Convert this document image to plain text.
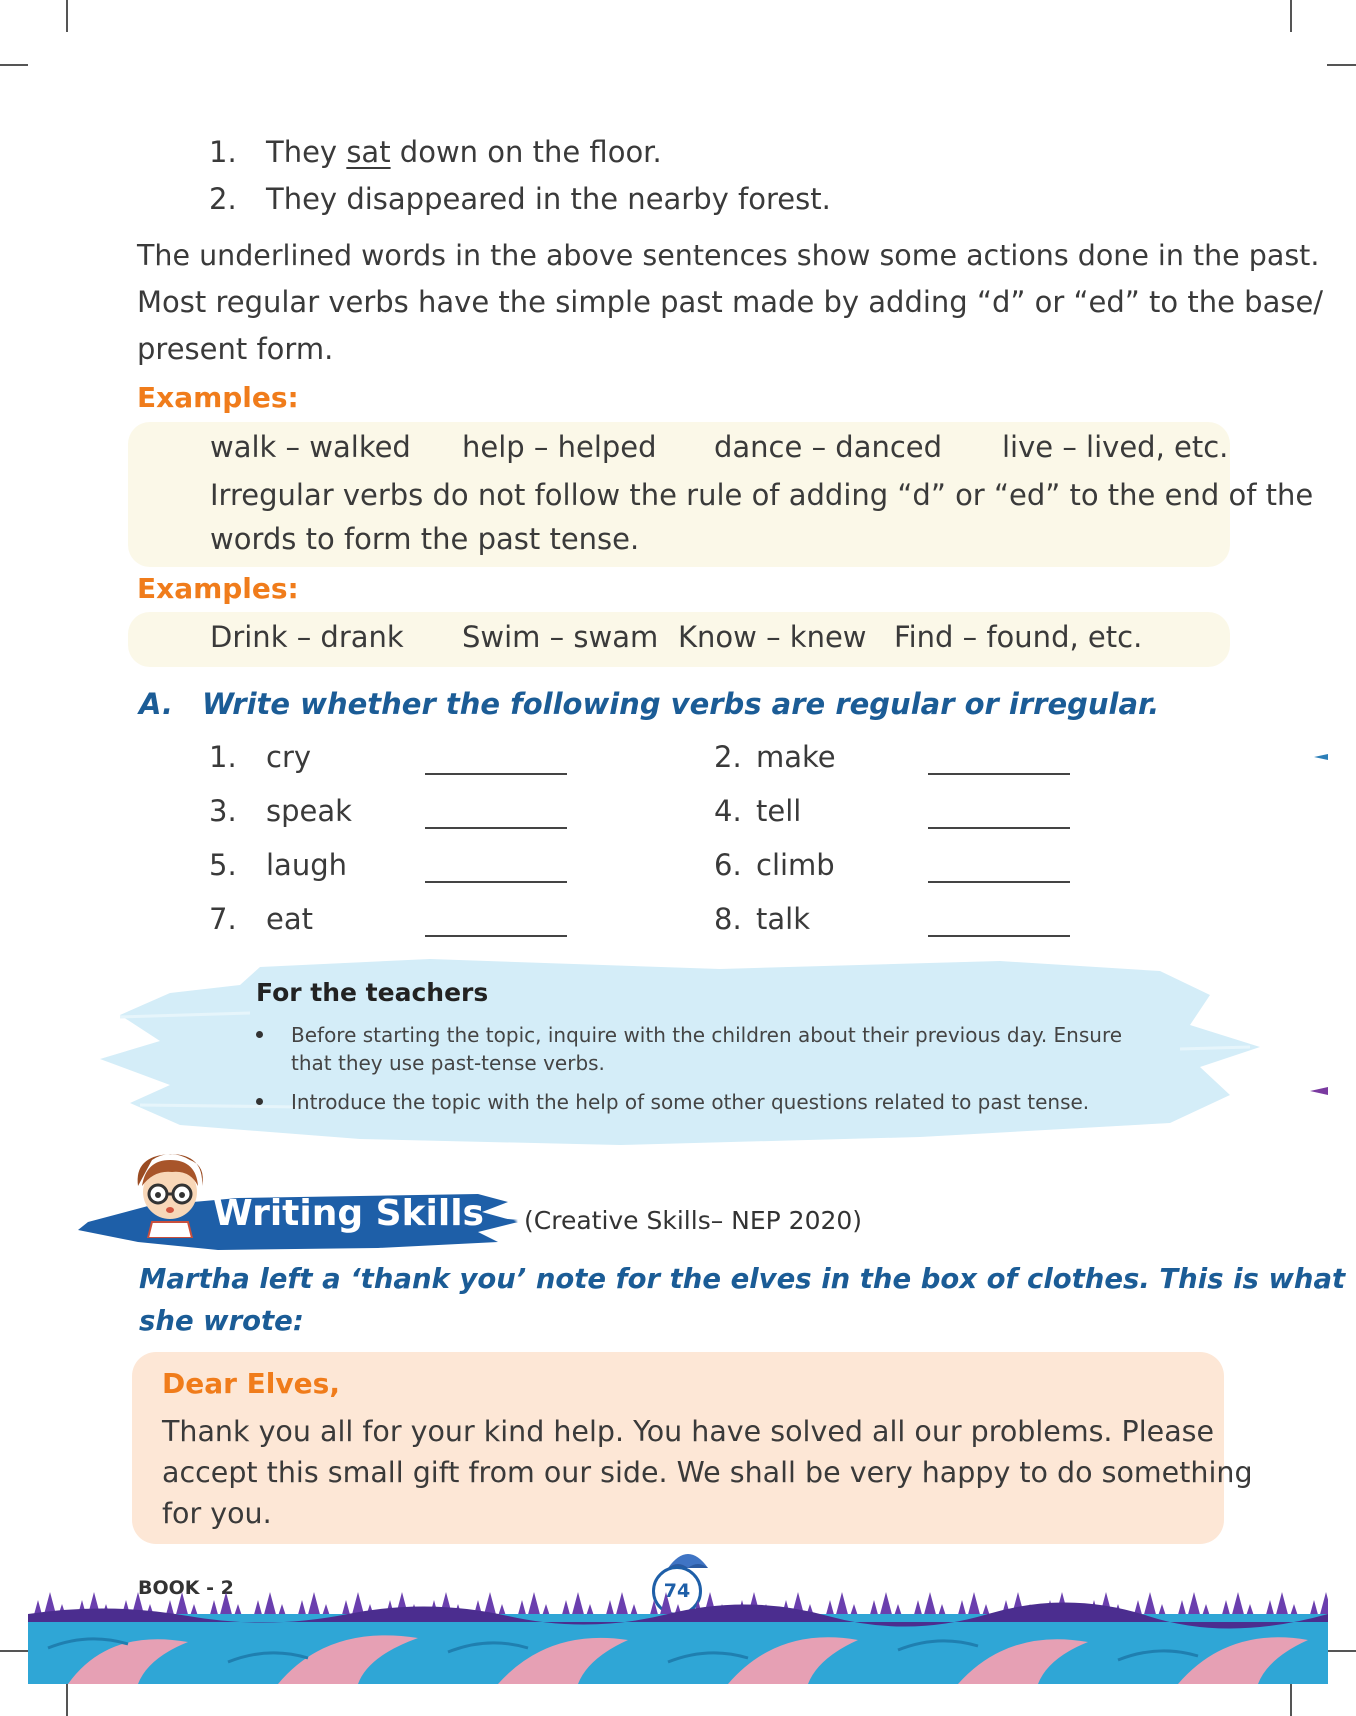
1. They sat down on the floor.
2. They disappeared in the nearby forest.
The underlined words in the above sentences show some actions done in the past.
Most regular verbs have the simple past made by adding “d” or “ed” to the base/
present form.
Examples:
walk – walked help – helped dance – danced live – lived, etc.
Irregular verbs do not follow the rule of adding “d” or “ed” to the end of the
words to form the past tense.
Examples:
Drink – drank Swim – swam Know – knew Find – found, etc.
A. Write whether the following verbs are regular or irregular.
1. cry	2. make
3. speak	4. tell
5. laugh	6. climb
7. eat	8. talk
For the teachers
Before starting the topic, inquire with the children about their previous day. Ensure
that they use past-tense verbs.
Introduce the topic with the help of some other questions related to past tense.
Writing Skills (Creative Skills– NEP 2020)
Martha left a ‘thank you’ note for the elves in the box of clothes. This is what
she wrote:
Dear Elves,
Thank you all for your kind help. You have solved all our problems. Please
accept this small gift from our side. We shall be very happy to do something
for you.
